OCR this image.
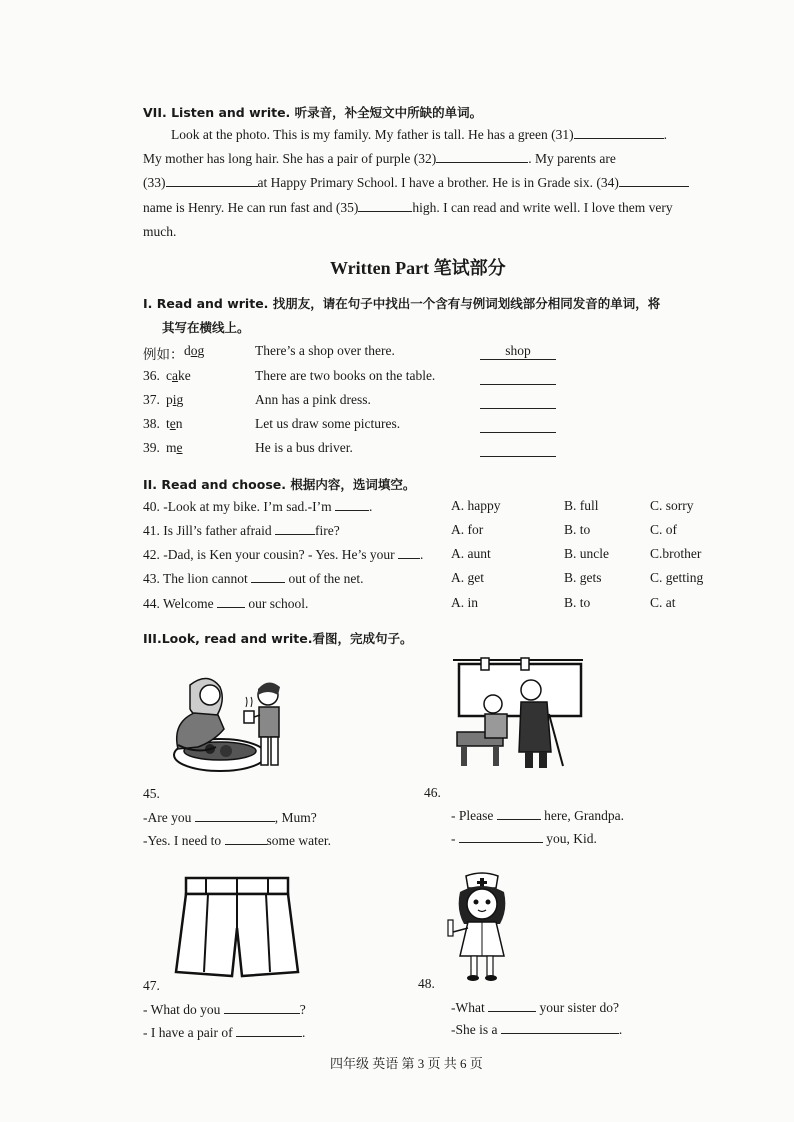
VII. Listen and write. 听录音，补全短文中所缺的单词。
Look at the photo. This is my family. My father is tall. He has a green (31)	.

My mother has long hair. She has a pair of purple (32)	. My parents are
(33)	at Happy Primary School. I have a brother. He is in Grade six. (34)
name is Henry. He can run fast and (35)	high. I can read and write well. I love them very
much.
Written Part 笔试部分
I. Read and write. 找朋友，请在句子中找出一个含有与例词划线部分相同发音的单词，将
其写在横线上。
例如： dog	There’s a shop over there.	shop
36. cake	There are two books on the table.
37. pig	Ann has a pink dress.
38. ten	Let us draw some pictures.
39. me	He is a bus driver.
II. Read and choose. 根据内容，选词填空。
40. -Look at my bike. I’m sad.-I’m	.	A. happy	B. full	C. sorry
41. Is Jill’s father afraid	fire?	A. for	B. to	C. of
42. -Dad, is Ken your cousin? - Yes. He’s your . A. aunt	B. uncle	C.brother
43. The lion cannot	out of the net.	A. get	B. gets	C. getting
44. Welcome	our school.	A. in	B. to	C. at
III.Look, read and write.看图，完成句子。
45.
-Are you	, Mum?
-Yes. I need to	some water.
46.
- Please	here, Grandpa.
-	you, Kid.
47.
- What do you	?
- I have a pair of	.
48.
-What	your sister do?
-She is a	.
四年级 英语 第 3 页 共 6 页
